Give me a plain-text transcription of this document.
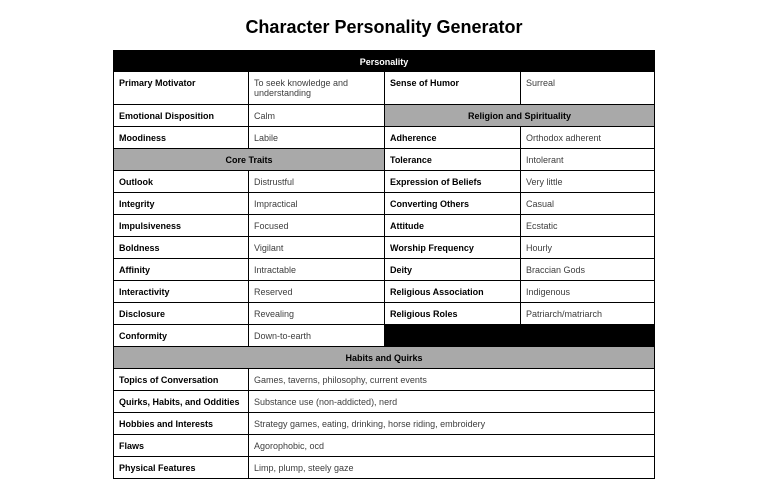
Character Personality Generator
Personality			
Primary Motivator	To seek knowledge and understanding	Sense of Humor	Surreal
Emotional Disposition	Calm	Religion and Spirituality	
Moodiness	Labile	Adherence	Orthodox adherent
Core Traits		Tolerance	Intolerant
Outlook	Distrustful	Expression of Beliefs	Very little
Integrity	Impractical	Converting Others	Casual
Impulsiveness	Focused	Attitude	Ecstatic
Boldness	Vigilant	Worship Frequency	Hourly
Affinity	Intractable	Deity	Braccian Gods
Interactivity	Reserved	Religious Association	Indigenous
Disclosure	Revealing	Religious Roles	Patriarch/matriarch
Conformity	Down-to-earth		
Habits and Quirks			
Topics of Conversation	Games, taverns, philosophy, current events		
Quirks, Habits, and Oddities	Substance use (non-addicted), nerd		
Hobbies and Interests	Strategy games, eating, drinking, horse riding, embroidery		
Flaws	Agorophobic, ocd		
Physical Features	Limp, plump, steely gaze		
